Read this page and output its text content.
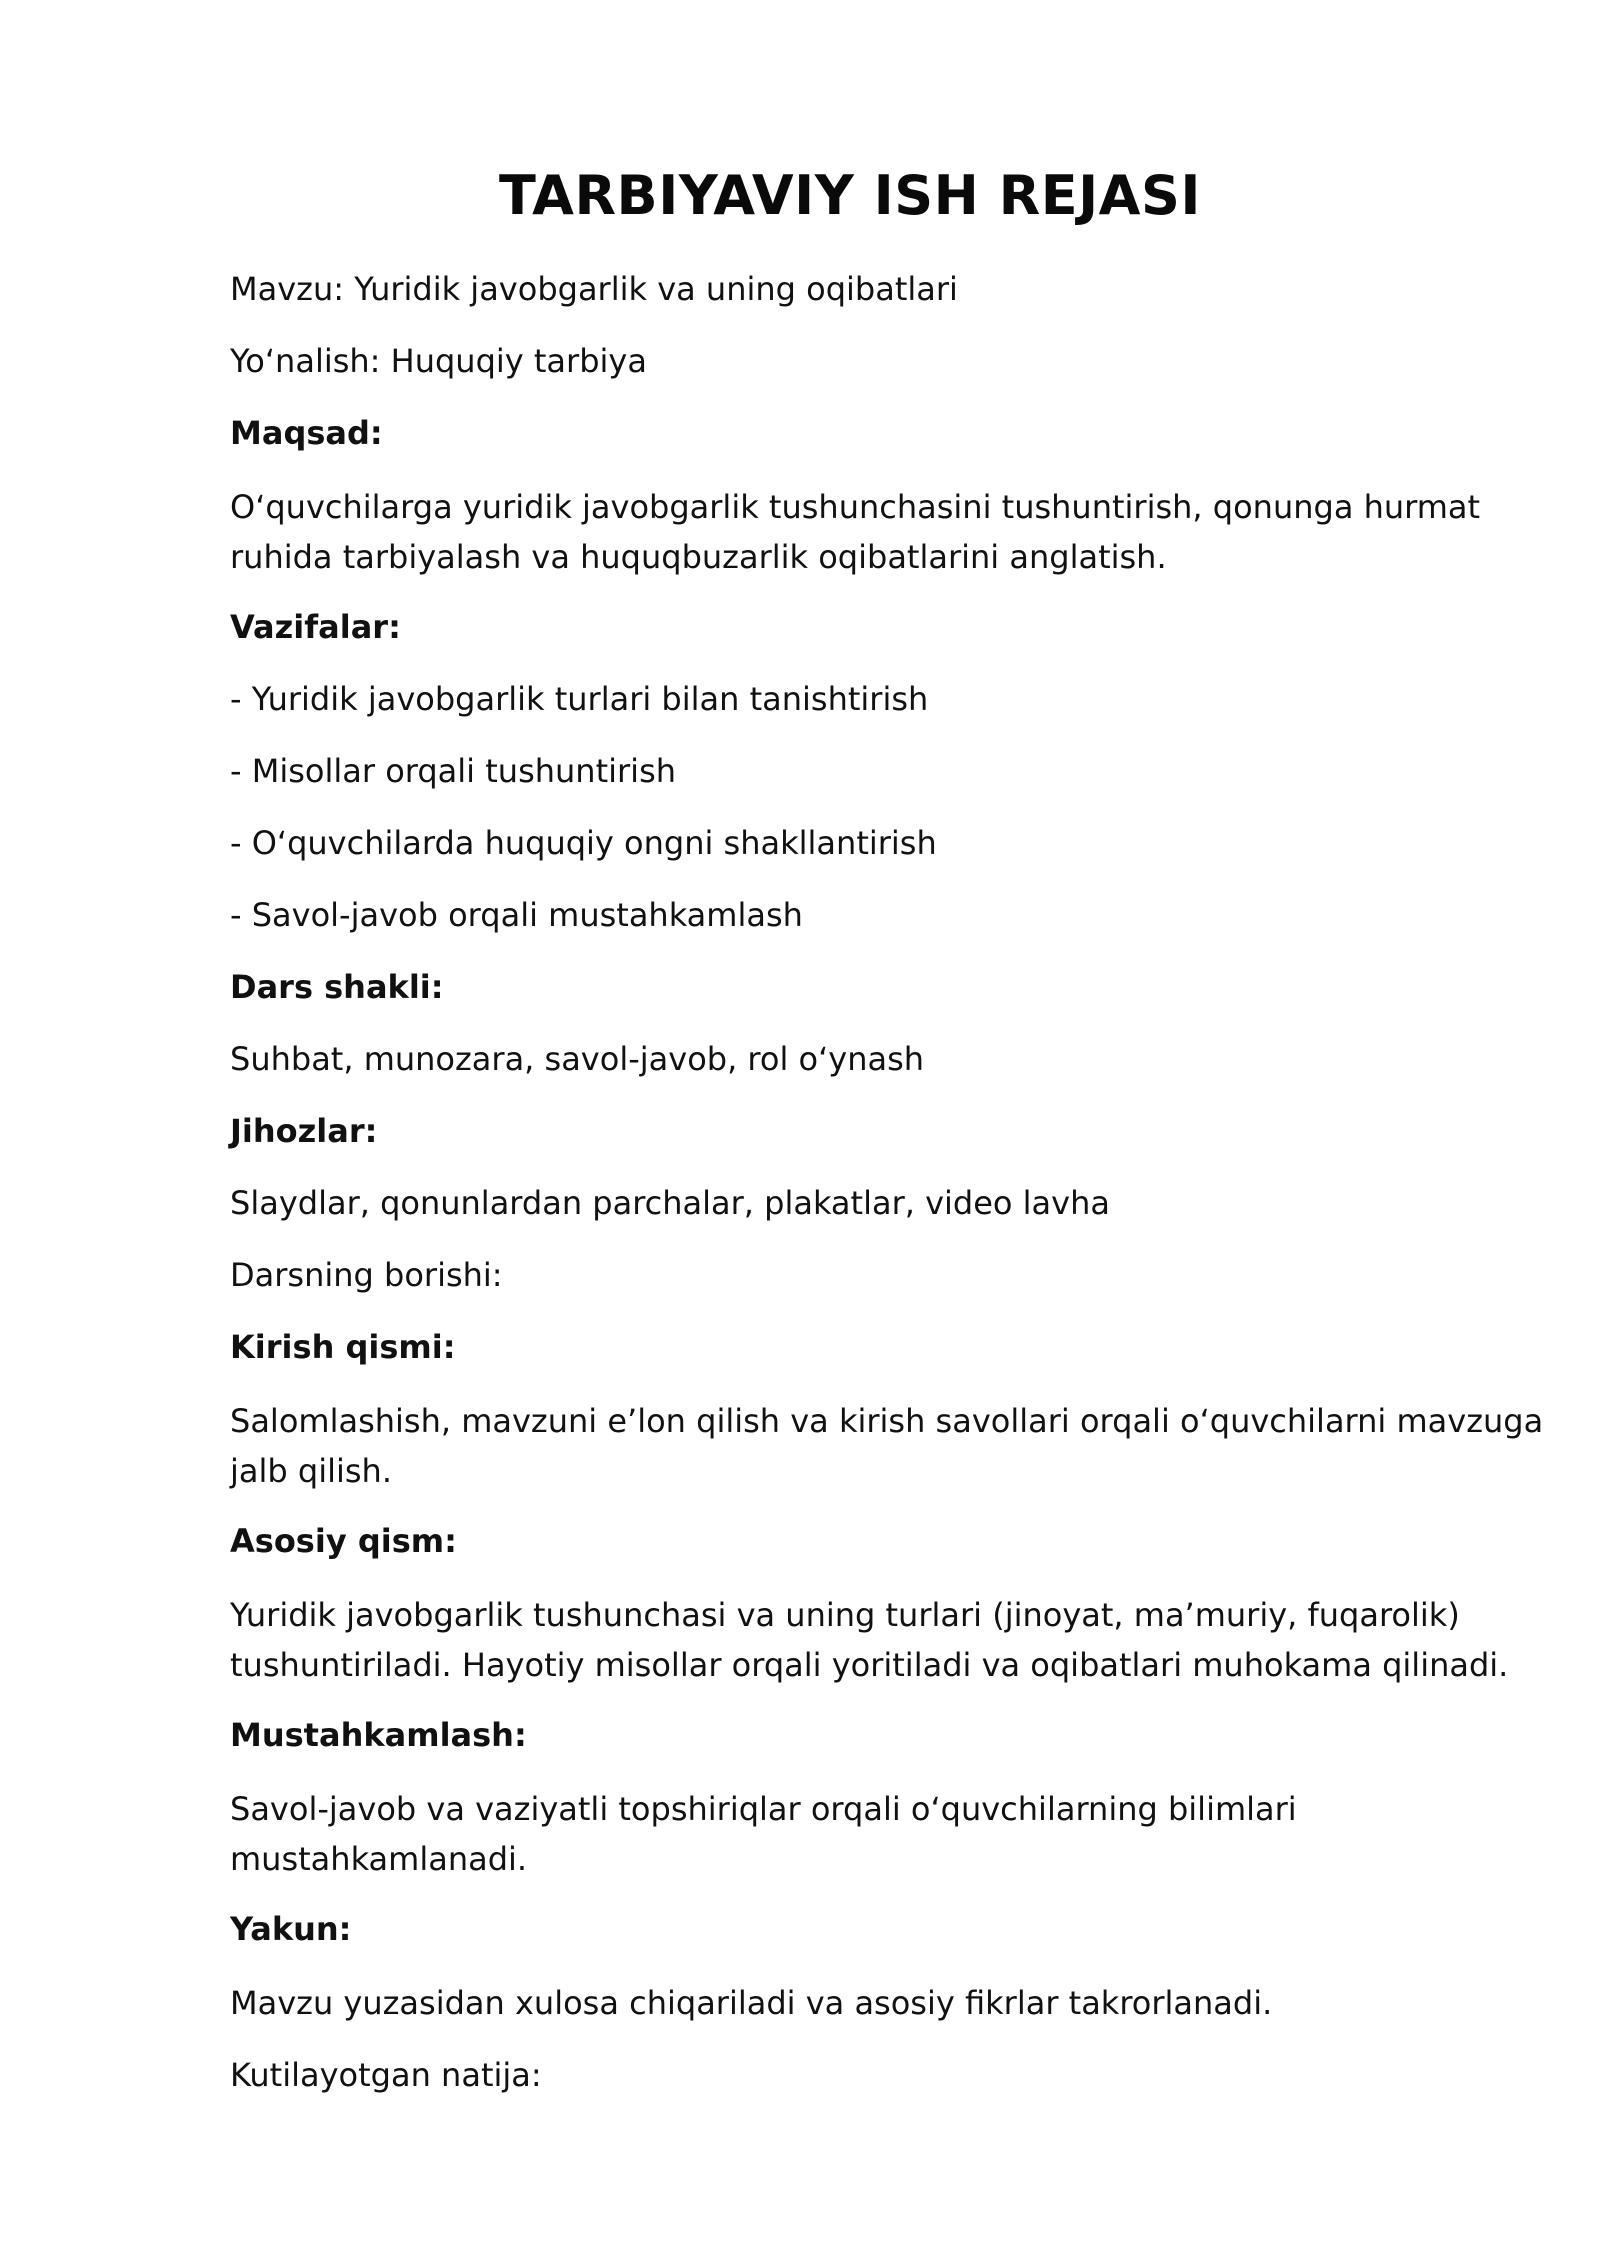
TARBIYAVIY ISH REJASI
Mavzu: Yuridik javobgarlik va uning oqibatlari
Yo‘nalish: Huquqiy tarbiya
Maqsad:
O‘quvchilarga yuridik javobgarlik tushunchasini tushuntirish, qonunga hurmat
ruhida tarbiyalash va huquqbuzarlik oqibatlarini anglatish.
Vazifalar:
- Yuridik javobgarlik turlari bilan tanishtirish
- Misollar orqali tushuntirish
- O‘quvchilarda huquqiy ongni shakllantirish
- Savol-javob orqali mustahkamlash
Dars shakli:
Suhbat, munozara, savol-javob, rol o‘ynash
Jihozlar:
Slaydlar, qonunlardan parchalar, plakatlar, video lavha
Darsning borishi:
Kirish qismi:
Salomlashish, mavzuni e’lon qilish va kirish savollari orqali o‘quvchilarni mavzuga
jalb qilish.
Asosiy qism:
Yuridik javobgarlik tushunchasi va uning turlari (jinoyat, ma’muriy, fuqarolik)
tushuntiriladi. Hayotiy misollar orqali yoritiladi va oqibatlari muhokama qilinadi.
Mustahkamlash:
Savol-javob va vaziyatli topshiriqlar orqali o‘quvchilarning bilimlari
mustahkamlanadi.
Yakun:
Mavzu yuzasidan xulosa chiqariladi va asosiy fikrlar takrorlanadi.
Kutilayotgan natija:
